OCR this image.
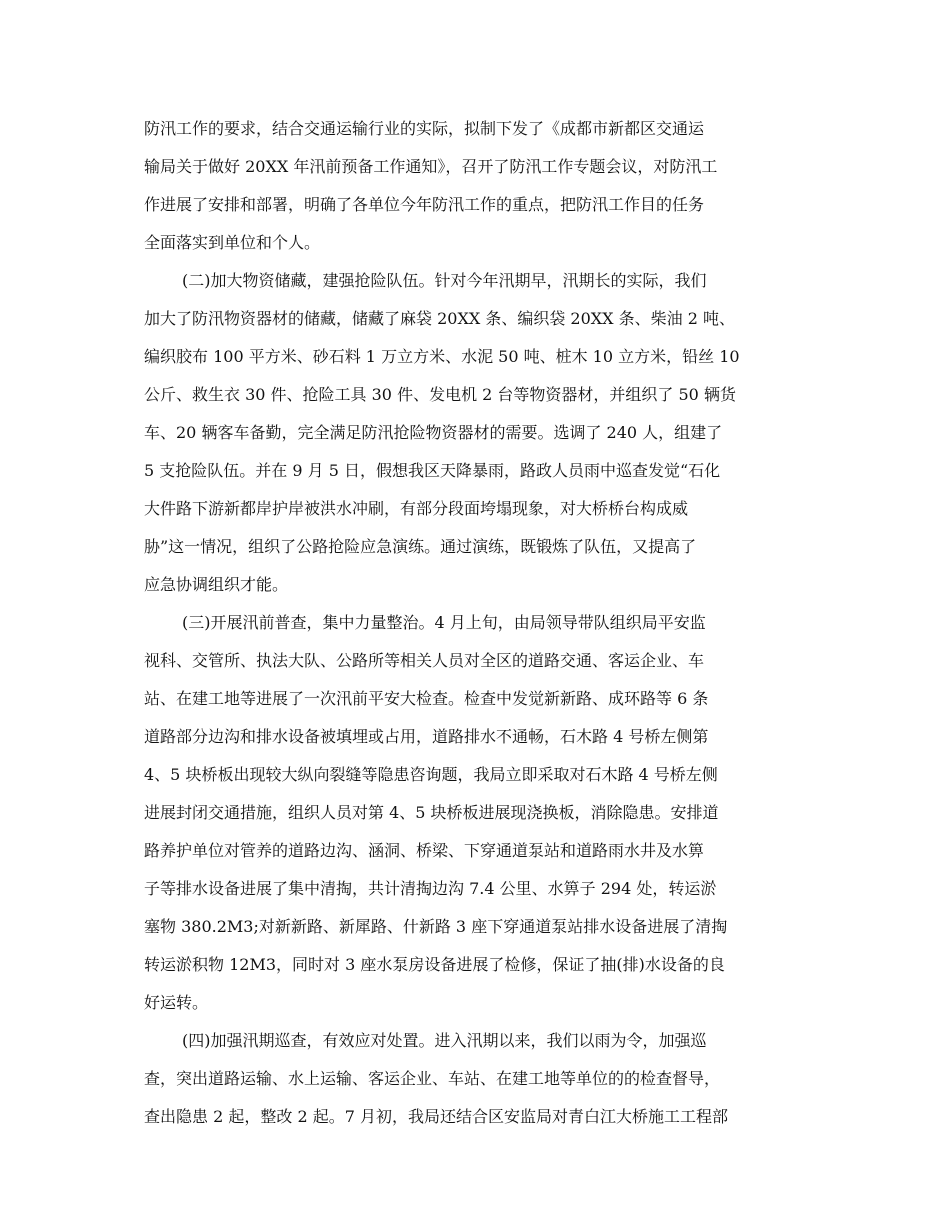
防汛工作的要求，结合交通运输行业的实际，拟制下发了《成都市新都区交通运
输局关于做好 20XX 年汛前预备工作通知》，召开了防汛工作专题会议，对防汛工
作进展了安排和部署，明确了各单位今年防汛工作的重点，把防汛工作目的任务
全面落实到单位和个人。
(二)加大物资储藏，建强抢险队伍。针对今年汛期早，汛期长的实际，我们
加大了防汛物资器材的储藏，储藏了麻袋 20XX 条、编织袋 20XX 条、柴油 2 吨、
编织胶布 100 平方米、砂石料 1 万立方米、水泥 50 吨、桩木 10 立方米，铅丝 10
公斤、救生衣 30 件、抢险工具 30 件、发电机 2 台等物资器材，并组织了 50 辆货
车、20 辆客车备勤，完全满足防汛抢险物资器材的需要。选调了 240 人，组建了
5 支抢险队伍。并在 9 月 5 日，假想我区天降暴雨，路政人员雨中巡查发觉“石化
大件路下游新都岸护岸被洪水冲刷，有部分段面垮塌现象，对大桥桥台构成威
胁”这一情况，组织了公路抢险应急演练。通过演练，既锻炼了队伍，又提高了
应急协调组织才能。
(三)开展汛前普查，集中力量整治。4 月上旬，由局领导带队组织局平安监
视科、交管所、执法大队、公路所等相关人员对全区的道路交通、客运企业、车
站、在建工地等进展了一次汛前平安大检查。检查中发觉新新路、成环路等 6 条
道路部分边沟和排水设备被填埋或占用，道路排水不通畅，石木路 4 号桥左侧第
4、5 块桥板出现较大纵向裂缝等隐患咨询题，我局立即采取对石木路 4 号桥左侧
进展封闭交通措施，组织人员对第 4、5 块桥板进展现浇换板，消除隐患。安排道
路养护单位对管养的道路边沟、涵洞、桥梁、下穿通道泵站和道路雨水井及水箅
子等排水设备进展了集中清掏，共计清掏边沟 7.4 公里、水箅子 294 处，转运淤
塞物 380.2M3;对新新路、新犀路、什新路 3 座下穿通道泵站排水设备进展了清掏
转运淤积物 12M3，同时对 3 座水泵房设备进展了检修，保证了抽(排)水设备的良
好运转。
(四)加强汛期巡查，有效应对处置。进入汛期以来，我们以雨为令，加强巡
查，突出道路运输、水上运输、客运企业、车站、在建工地等单位的的检查督导，
查出隐患 2 起，整改 2 起。7 月初，我局还结合区安监局对青白江大桥施工工程部
